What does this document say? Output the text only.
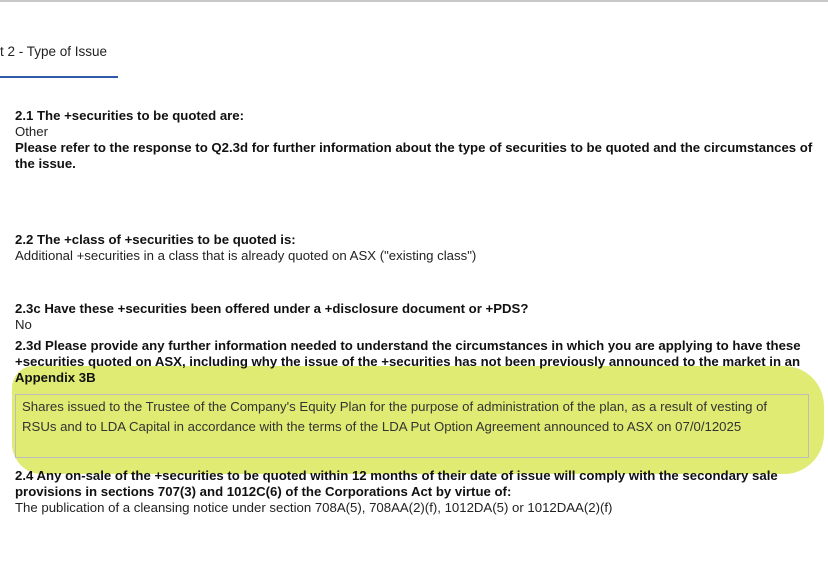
t 2 - Type of Issue
2.1 The +securities to be quoted are:
Other
Please refer to the response to Q2.3d for further information about the type of securities to be quoted and the circumstances of the issue.
2.2 The +class of +securities to be quoted is:
Additional +securities in a class that is already quoted on ASX ("existing class")
2.3c Have these +securities been offered under a +disclosure document or +PDS?
No
2.3d Please provide any further information needed to understand the circumstances in which you are applying to have these +securities quoted on ASX, including why the issue of the +securities has not been previously announced to the market in an Appendix 3B
Shares issued to the Trustee of the Company's Equity Plan for the purpose of administration of the plan, as a result of vesting of RSUs and to LDA Capital in accordance with the terms of the LDA Put Option Agreement announced to ASX on 07/0/12025
2.4 Any on-sale of the +securities to be quoted within 12 months of their date of issue will comply with the secondary sale provisions in sections 707(3) and 1012C(6) of the Corporations Act by virtue of:
The publication of a cleansing notice under section 708A(5), 708AA(2)(f), 1012DA(5) or 1012DAA(2)(f)
